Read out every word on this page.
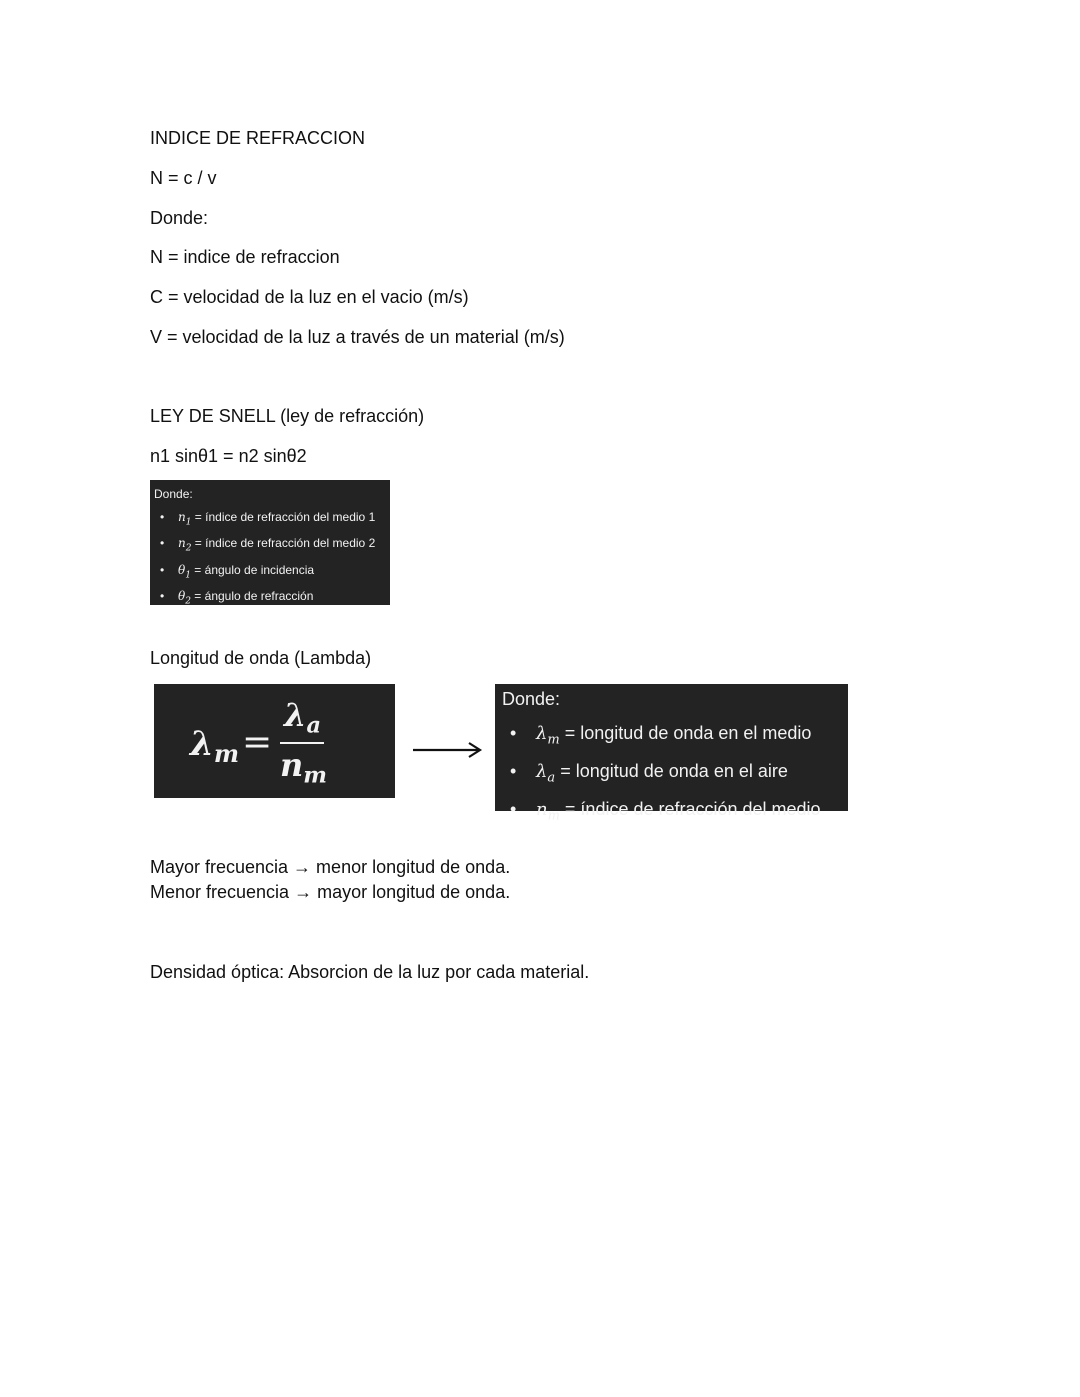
INDICE DE REFRACCION
N = c / v
Donde:
N = indice de refraccion
C = velocidad de la luz en el vacio (m/s)
V = velocidad de la luz a través de un material (m/s)
LEY DE SNELL (ley de refracción)
n1 sinθ1 = n2 sinθ2
Donde:
• $n_1$ = índice de refracción del medio 1
• $n_2$ = índice de refracción del medio 2
• $\theta_1$ = ángulo de incidencia
• $\theta_2$ = ángulo de refracción
Longitud de onda (Lambda)
$\lambda_m$ =
$\lambda_a$
$n_m$
Donde:
• $\lambda_m$ = longitud de onda en el medio
• $\lambda_a$ = longitud de onda en el aire
• $n_m$ = índice de refracción del medio
Mayor frecuencia → menor longitud de onda.
Menor frecuencia → mayor longitud de onda.
Densidad óptica: Absorcion de la luz por cada material.
